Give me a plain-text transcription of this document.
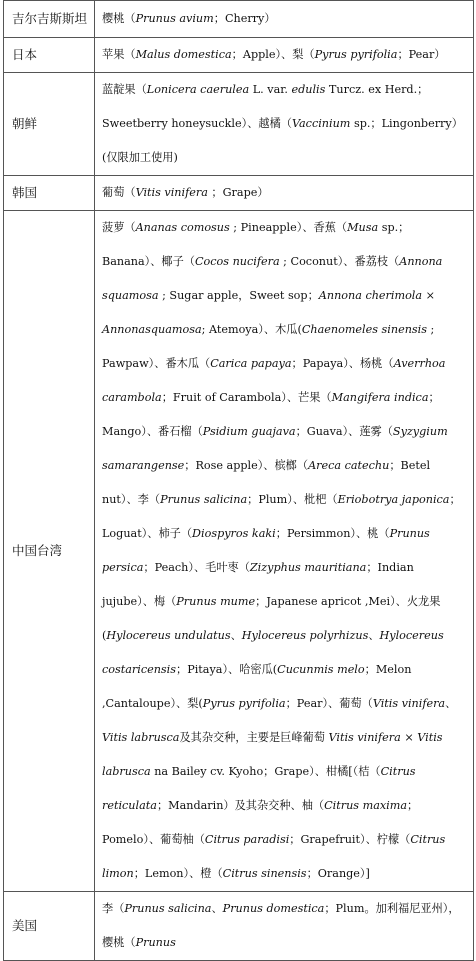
吉尔吉斯斯坦	樱桃（Prunus avium；Cherry）
日本	苹果（Malus domestica；Apple）、梨（Pyrus pyrifolia；Pear）
朝鲜	蓝靛果（Lonicera caerulea L. var. edulis Turcz. ex Herd.；Sweetberry honeysuckle）、越橘（Vaccinium sp.；Lingonberry）(仅限加工使用)
韩国	葡萄（Vitis vinifera ；Grape）
中国台湾	菠萝（Ananas comosus ; Pineapple）、香蕉（Musa sp.；Banana）、椰子（Cocos nucifera ; Coconut）、番荔枝（Annona squamosa ; Sugar apple，Sweet sop；Annona cherimola × Annonasquamosa; Atemoya）、木瓜(Chaenomeles sinensis ; Pawpaw）、番木瓜（Carica papaya；Papaya）、杨桃（Averrhoa carambola；Fruit of Carambola）、芒果（Mangifera indica；Mango）、番石榴（Psidium guajava；Guava）、莲雾（Syzygium samarangense；Rose apple）、槟榔（Areca catechu；Betel nut）、李（Prunus salicina；Plum）、枇杷（Eriobotrya japonica；Loguat）、柿子（Diospyros kaki；Persimmon）、桃（Prunus persica；Peach）、毛叶枣（Zizyphus mauritiana；Indian jujube）、梅（Prunus mume；Japanese apricot ,Mei）、火龙果(Hylocereus undulatus、Hylocereus polyrhizus、Hylocereus costaricensis；Pitaya）、哈密瓜(Cucunmis melo；Melon ,Cantaloupe）、梨(Pyrus pyrifolia；Pear）、葡萄（Vitis vinifera、Vitis labrusca及其杂交种，主要是巨峰葡萄 Vitis vinifera × Vitis labrusca na Bailey cv. Kyoho；Grape）、柑橘[（桔（Citrus reticulata；Mandarin）及其杂交种、柚（Citrus maxima；Pomelo）、葡萄柚（Citrus paradisi；Grapefruit）、柠檬（Citrus limon；Lemon）、橙（Citrus sinensis；Orange）]
美国	李（Prunus salicina、Prunus domestica；Plum。加利福尼亚州），樱桃（Prunus
